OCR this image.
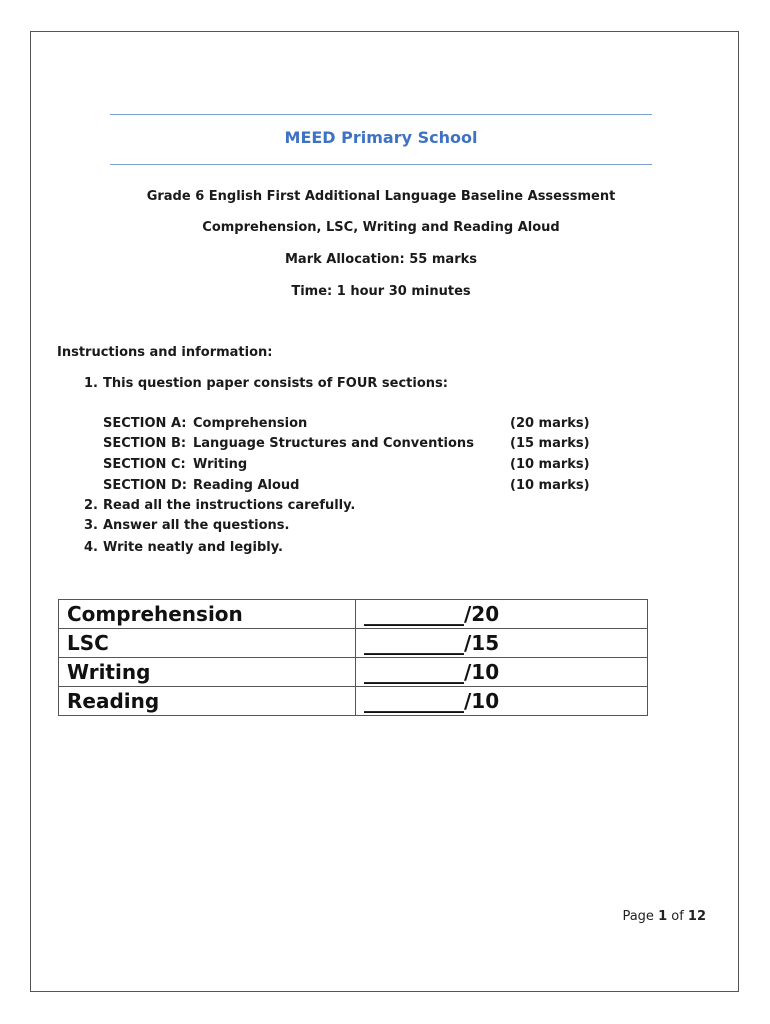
MEED Primary School
Grade 6 English First Additional Language Baseline Assessment
Comprehension, LSC, Writing and Reading Aloud
Mark Allocation: 55 marks
Time: 1 hour 30 minutes
Instructions and information:
1. This question paper consists of FOUR sections:
SECTION A: Comprehension	(20 marks)
SECTION B: Language Structures and Conventions	(15 marks)
SECTION C: Writing	(10 marks)
SECTION D: Reading Aloud	(10 marks)
2. Read all the instructions carefully.
3. Answer all the questions.
4. Write neatly and legibly.
Comprehension	__________/20
LSC	__________/15
Writing	__________/10
Reading	__________/10
Page 1 of 12
